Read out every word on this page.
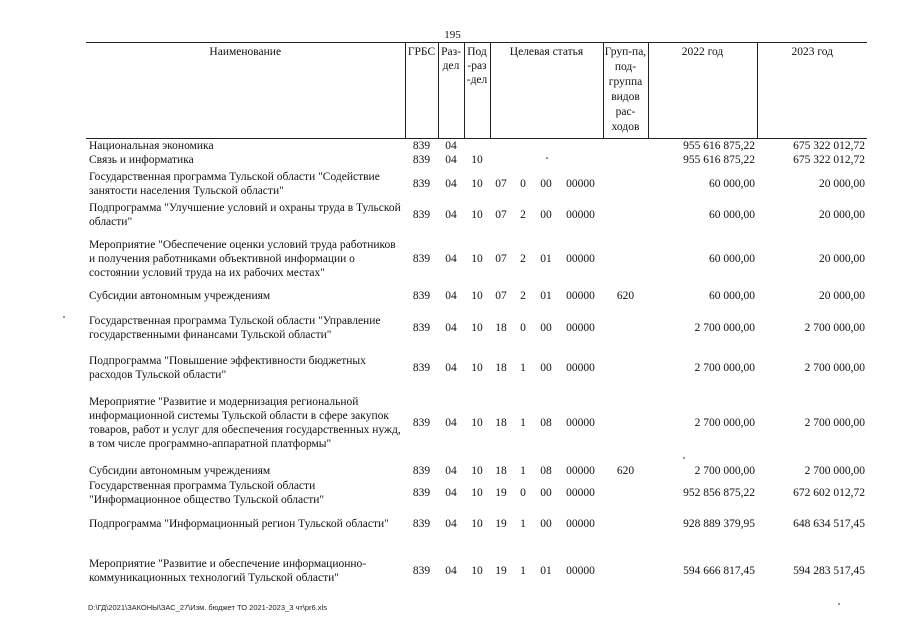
195
Наименование	ГРБС	Раз-дел	Под-раз-дел	Целевая статья				Груп-па, под-группа видов рас-ходов	2022 год	2023 год
Национальная экономика	839	04							955 616 875,22	675 322 012,72
Связь и информатика	839	04	10						955 616 875,22	675 322 012,72
Государственная программа Тульской области "Содействие занятости населения Тульской области"	839	04	10	07	0	00	00000		60 000,00	20 000,00
Подпрограмма "Улучшение условий и охраны труда в Тульской области"	839	04	10	07	2	00	00000		60 000,00	20 000,00
Мероприятие "Обеспечение оценки условий труда работников и получения работниками объективной информации о состоянии условий труда на их рабочих местах"	839	04	10	07	2	01	00000		60 000,00	20 000,00
Субсидии автономным учреждениям	839	04	10	07	2	01	00000	620	60 000,00	20 000,00
Государственная программа Тульской области "Управление государственными финансами Тульской области"	839	04	10	18	0	00	00000		2 700 000,00	2 700 000,00
Подпрограмма "Повышение эффективности бюджетных расходов Тульской области"	839	04	10	18	1	00	00000		2 700 000,00	2 700 000,00
Мероприятие "Развитие и модернизация региональной информационной системы Тульской области в сфере закупок товаров, работ и услуг для обеспечения государственных нужд, в том числе программно-аппаратной платформы"	839	04	10	18	1	08	00000		2 700 000,00	2 700 000,00
Субсидии автономным учреждениям	839	04	10	18	1	08	00000	620	2 700 000,00	2 700 000,00
Государственная программа Тульской области "Информационное общество Тульской области"	839	04	10	19	0	00	00000		952 856 875,22	672 602 012,72
Подпрограмма "Информационный регион Тульской области"	839	04	10	19	1	00	00000		928 889 379,95	648 634 517,45
Мероприятие "Развитие и обеспечение информационно-коммуникационных технологий Тульской области"	839	04	10	19	1	01	00000		594 666 817,45	594 283 517,45
D:\ГД\2021\ЗАКОНЫ\ЗАС_27\Изм. бюджет ТО 2021-2023_3 чт\pr6.xls
